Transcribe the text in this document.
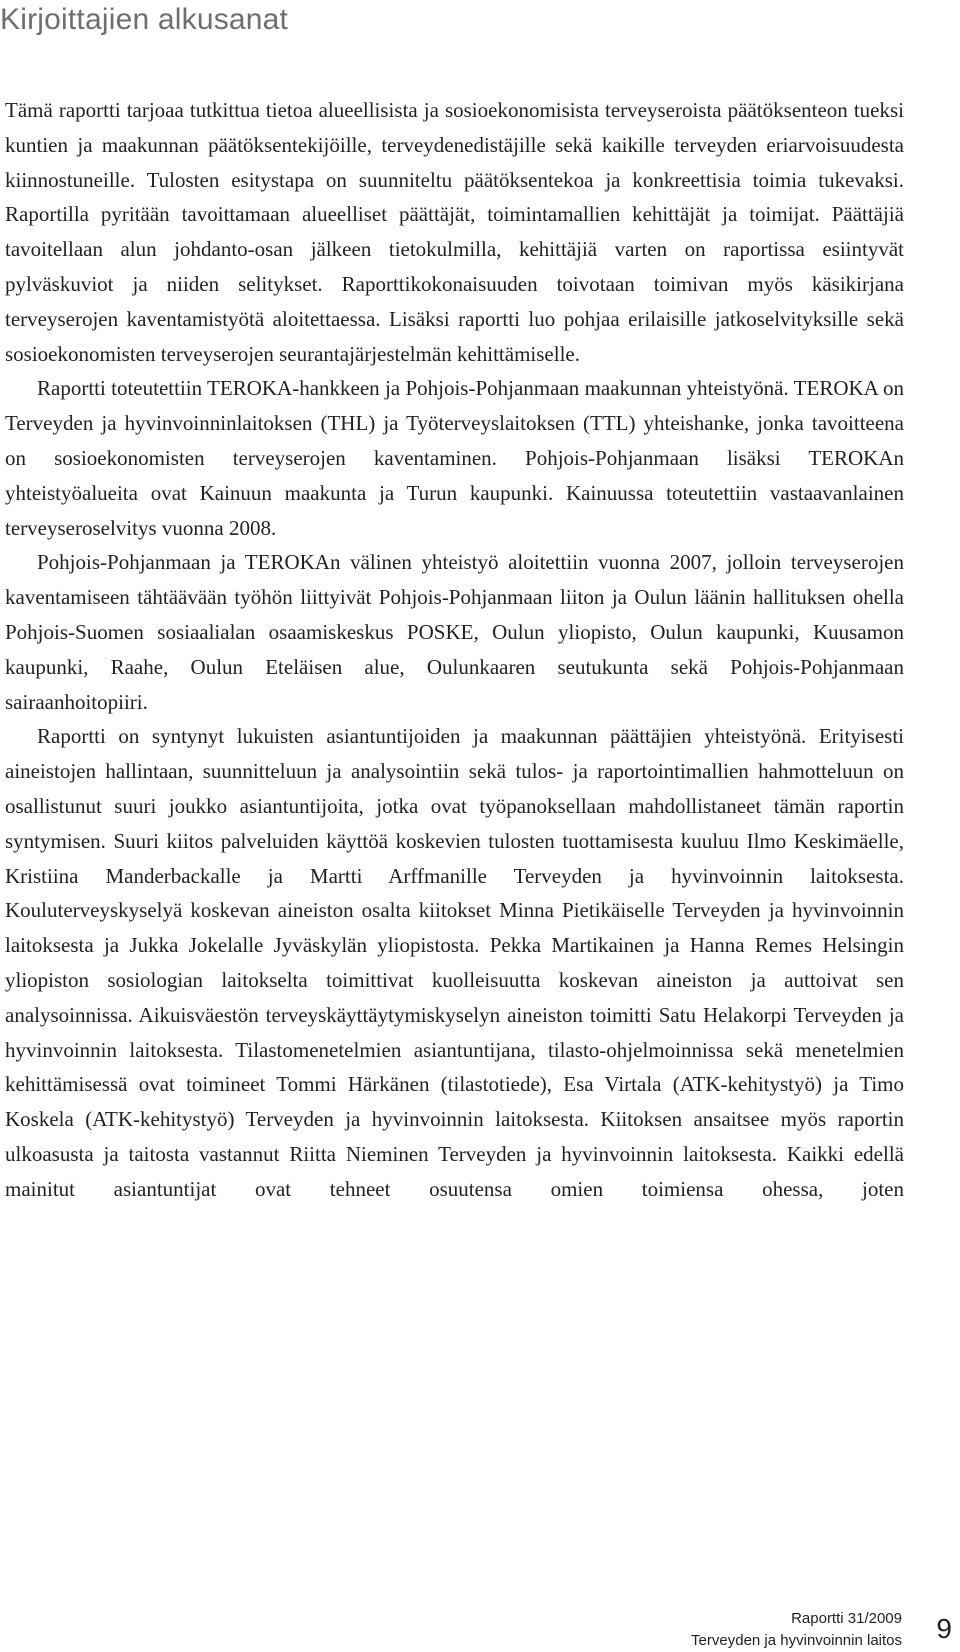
Kirjoittajien alkusanat

Tämä raportti tarjoaa tutkittua tietoa alueellisista ja sosioekonomisista terveyseroista päätöksenteon tueksi kuntien ja maakunnan päätöksentekijöille, terveydenedistäjille sekä kaikille terveyden eriarvoisuudesta kiinnostuneille. Tulosten esitystapa on suunniteltu päätöksentekoa ja konkreettisia toimia tukevaksi. Raportilla pyritään tavoittamaan alueelliset päättäjät, toimintamallien kehittäjät ja toimijat. Päättäjiä tavoitellaan alun johdanto-osan jälkeen tietokulmilla, kehittäjiä varten on raportissa esiintyvät pylväskuviot ja niiden selitykset. Raporttikokonaisuuden toivotaan toimivan myös käsikirjana terveyserojen kaventamistyötä aloitettaessa. Lisäksi raportti luo pohjaa erilaisille jatkoselvityksille sekä sosioekonomisten terveyserojen seurantajärjestelmän kehittämiselle.

Raportti toteutettiin TEROKA-hankkeen ja Pohjois-Pohjanmaan maakunnan yhteistyönä. TEROKA on Terveyden ja hyvinvoinninlaitoksen (THL) ja Työterveyslaitoksen (TTL) yhteishanke, jonka tavoitteena on sosioekonomisten terveyserojen kaventaminen. Pohjois-Pohjanmaan lisäksi TEROKAn yhteistyöalueita ovat Kainuun maakunta ja Turun kaupunki. Kainuussa toteutettiin vastaavanlainen terveyseroselvitys vuonna 2008.

Pohjois-Pohjanmaan ja TEROKAn välinen yhteistyö aloitettiin vuonna 2007, jolloin terveyserojen kaventamiseen tähtäävään työhön liittyivät Pohjois-Pohjanmaan liiton ja Oulun läänin hallituksen ohella Pohjois-Suomen sosiaalialan osaamiskeskus POSKE, Oulun yliopisto, Oulun kaupunki, Kuusamon kaupunki, Raahe, Oulun Eteläisen alue, Oulunkaaren seutukunta sekä Pohjois-Pohjanmaan sairaanhoitopiiri.

Raportti on syntynyt lukuisten asiantuntijoiden ja maakunnan päättäjien yhteistyönä. Erityisesti aineistojen hallintaan, suunnitteluun ja analysointiin sekä tulos- ja raportointimallien hahmotteluun on osallistunut suuri joukko asiantuntijoita, jotka ovat työpanoksellaan mahdollistaneet tämän raportin syntymisen. Suuri kiitos palveluiden käyttöä koskevien tulosten tuottamisesta kuuluu Ilmo Keskimäelle, Kristiina Manderbackalle ja Martti Arffmanille Terveyden ja hyvinvoinnin laitoksesta. Kouluterveyskyselyä koskevan aineiston osalta kiitokset Minna Pietikäiselle Terveyden ja hyvinvoinnin laitoksesta ja Jukka Jokelalle Jyväskylän yliopistosta. Pekka Martikainen ja Hanna Remes Helsingin yliopiston sosiologian laitokselta toimittivat kuolleisuutta koskevan aineiston ja auttoivat sen analysoinnissa. Aikuisväestön terveyskäyttäytymiskyselyn aineiston toimitti Satu Helakorpi Terveyden ja hyvinvoinnin laitoksesta. Tilastomenetelmien asiantuntijana, tilasto-ohjelmoinnissa sekä menetelmien kehittämisessä ovat toimineet Tommi Härkänen (tilastotiede), Esa Virtala (ATK-kehitystyö) ja Timo Koskela (ATK-kehitystyö) Terveyden ja hyvinvoinnin laitoksesta. Kiitoksen ansaitsee myös raportin ulkoasusta ja taitosta vastannut Riitta Nieminen Terveyden ja hyvinvoinnin laitoksesta. Kaikki edellä mainitut asiantuntijat ovat tehneet osuutensa omien toimiensa ohessa, joten

Raportti 31/2009
Terveyden ja hyvinvoinnin laitos 9
